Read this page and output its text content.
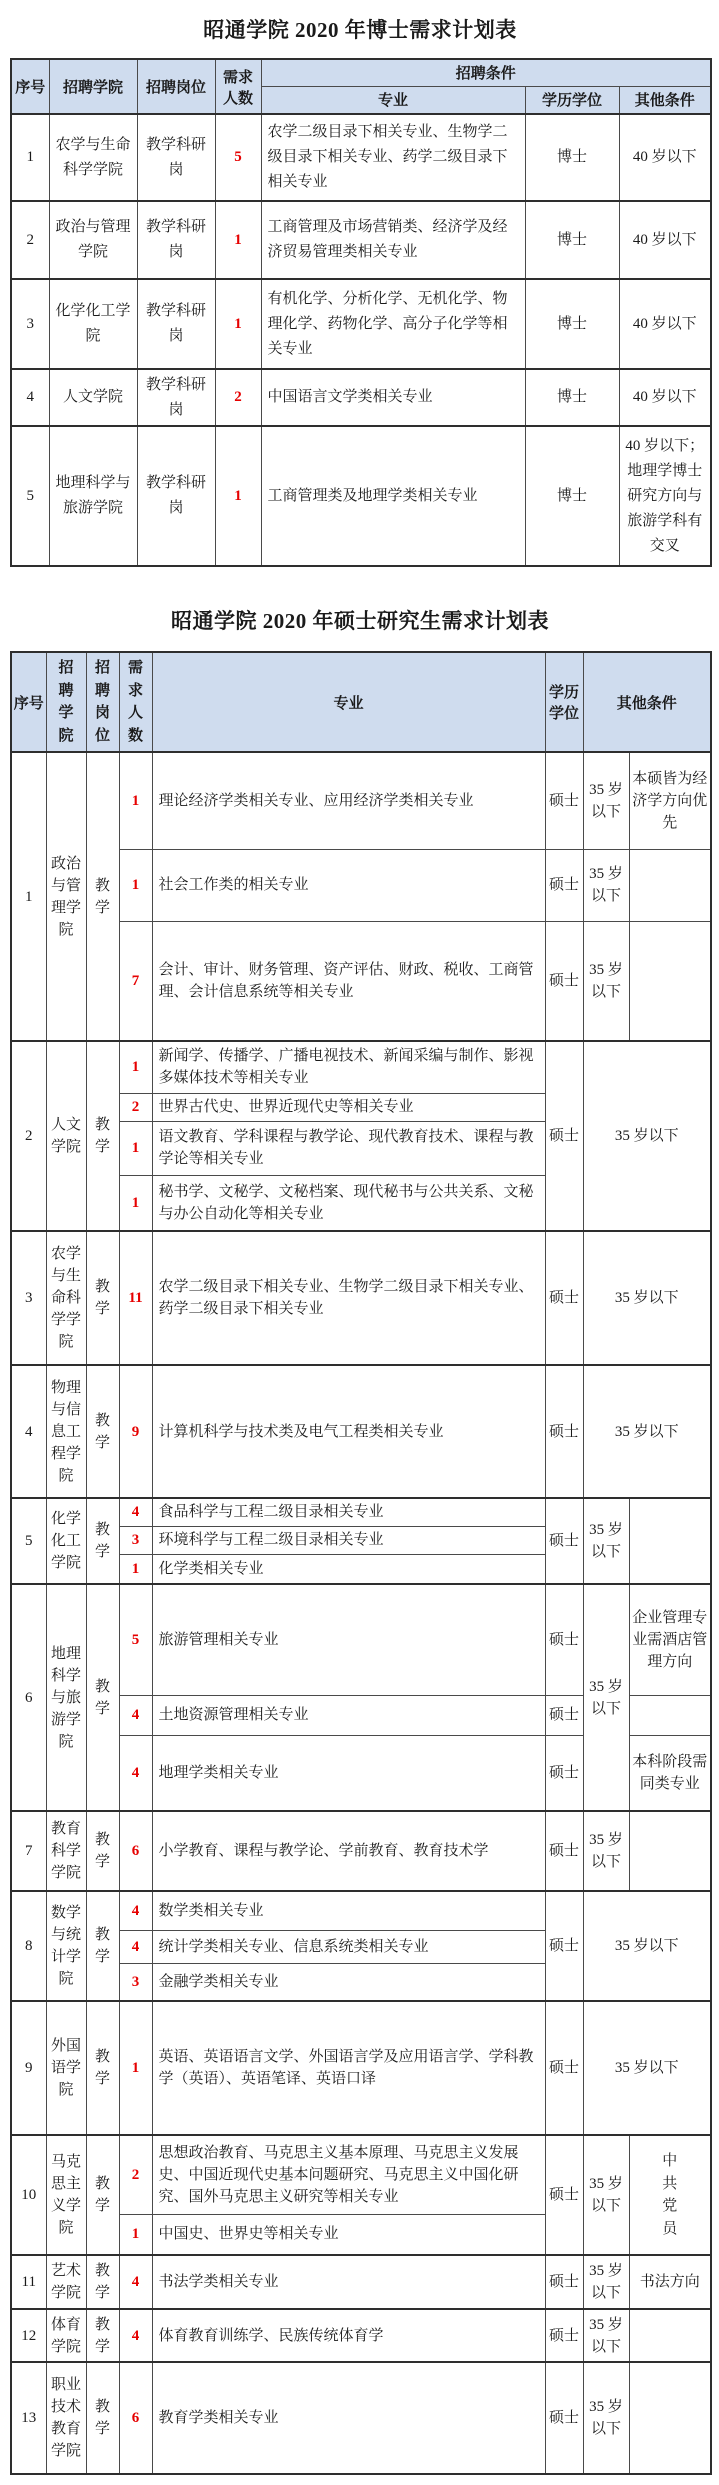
昭通学院 2020 年博士需求计划表
序号	招聘学院	招聘岗位	需求人数	招聘条件		
				专业	学历学位	其他条件
1	农学与生命科学学院	教学科研岗	5	农学二级目录下相关专业、生物学二级目录下相关专业、药学二级目录下相关专业	博士	40 岁以下
2	政治与管理学院	教学科研岗	1	工商管理及市场营销类、经济学及经济贸易管理类相关专业	博士	40 岁以下
3	化学化工学院	教学科研岗	1	有机化学、分析化学、无机化学、物理化学、药物化学、高分子化学等相关专业	博士	40 岁以下
4	人文学院	教学科研岗	2	中国语言文学类相关专业	博士	40 岁以下
5	地理科学与旅游学院	教学科研岗	1	工商管理类及地理学类相关专业	博士	40 岁以下；地理学博士研究方向与旅游学科有交叉
昭通学院 2020 年硕士研究生需求计划表
序号	招聘学院	招聘岗位	需求人数	专业	学历学位	其他条件	
1	政治与管理学院	教学	1	理论经济学类相关专业、应用经济学类相关专业	硕士	35 岁以下	本硕皆为经济学方向优先
			1	社会工作类的相关专业	硕士	35 岁以下	
			7	会计、审计、财务管理、资产评估、财政、税收、工商管理、会计信息系统等相关专业	硕士	35 岁以下	
2	人文学院	教学	1	新闻学、传播学、广播电视技术、新闻采编与制作、影视多媒体技术等相关专业	硕士	35 岁以下	
			2	世界古代史、世界近现代史等相关专业			
			1	语文教育、学科课程与教学论、现代教育技术、课程与教学论等相关专业			
			1	秘书学、文秘学、文秘档案、现代秘书与公共关系、文秘与办公自动化等相关专业			
3	农学与生命科学学院	教学	11	农学二级目录下相关专业、生物学二级目录下相关专业、药学二级目录下相关专业	硕士	35 岁以下	
4	物理与信息工程学院	教学	9	计算机科学与技术类及电气工程类相关专业	硕士	35 岁以下	
5	化学化工学院	教学	4	食品科学与工程二级目录相关专业	硕士	35 岁以下	
			3	环境科学与工程二级目录相关专业			
			1	化学类相关专业			
6	地理科学与旅游学院	教学	5	旅游管理相关专业	硕士	35 岁以下	企业管理专业需酒店管理方向
			4	土地资源管理相关专业	硕士		
			4	地理学类相关专业	硕士		本科阶段需同类专业
7	教育科学学院	教学	6	小学教育、课程与教学论、学前教育、教育技术学	硕士	35 岁以下	
8	数学与统计学院	教学	4	数学类相关专业	硕士	35 岁以下	
			4	统计学类相关专业、信息系统类相关专业			
			3	金融学类相关专业			
9	外国语学院	教学	1	英语、英语语言文学、外国语言学及应用语言学、学科教学（英语）、英语笔译、英语口译	硕士	35 岁以下	
10	马克思主义学院	教学	2	思想政治教育、马克思主义基本原理、马克思主义发展史、中国近现代史基本问题研究、马克思主义中国化研究、国外马克思主义研究等相关专业	硕士	35 岁以下	中共党员
			1	中国史、世界史等相关专业			
11	艺术学院	教学	4	书法学类相关专业	硕士	35 岁以下	书法方向
12	体育学院	教学	4	体育教育训练学、民族传统体育学	硕士	35 岁以下	
13	职业技术教育学院	教学	6	教育学类相关专业	硕士	35 岁以下	
